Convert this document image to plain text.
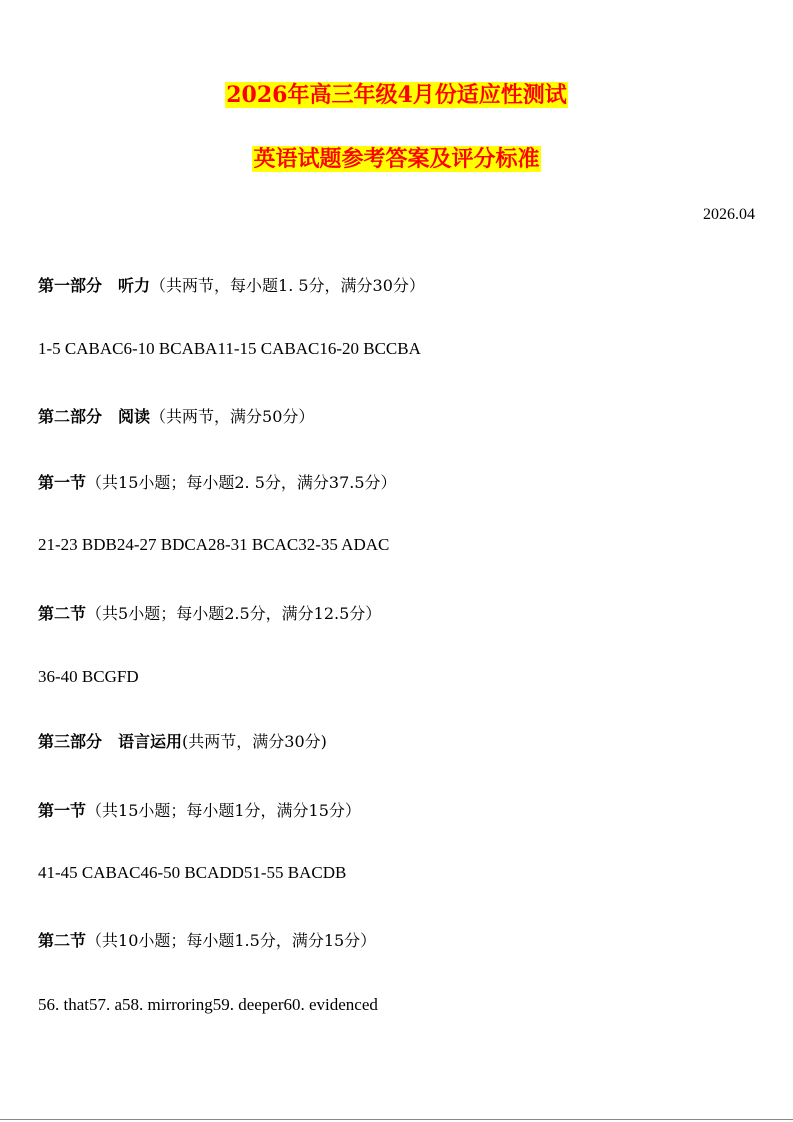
2026年高三年级4月份适应性测试
英语试题参考答案及评分标准
2026.04
第一部分　听力（共两节，每小题1. 5分，满分30分）
1-5 CABAC6-10 BCABA11-15 CABAC16-20 BCCBA
第二部分　阅读（共两节，满分50分）
第一节（共15小题；每小题2. 5分，满分37.5分）
21-23 BDB24-27 BDCA28-31 BCAC32-35 ADAC
第二节（共5小题；每小题2.5分，满分12.5分）
36-40 BCGFD
第三部分　语言运用(共两节，满分30分)
第一节（共15小题；每小题1分，满分15分）
41-45 CABAC46-50 BCADD51-55 BACDB
第二节（共10小题；每小题1.5分，满分15分）
56. that57. a58. mirroring59. deeper60. evidenced
